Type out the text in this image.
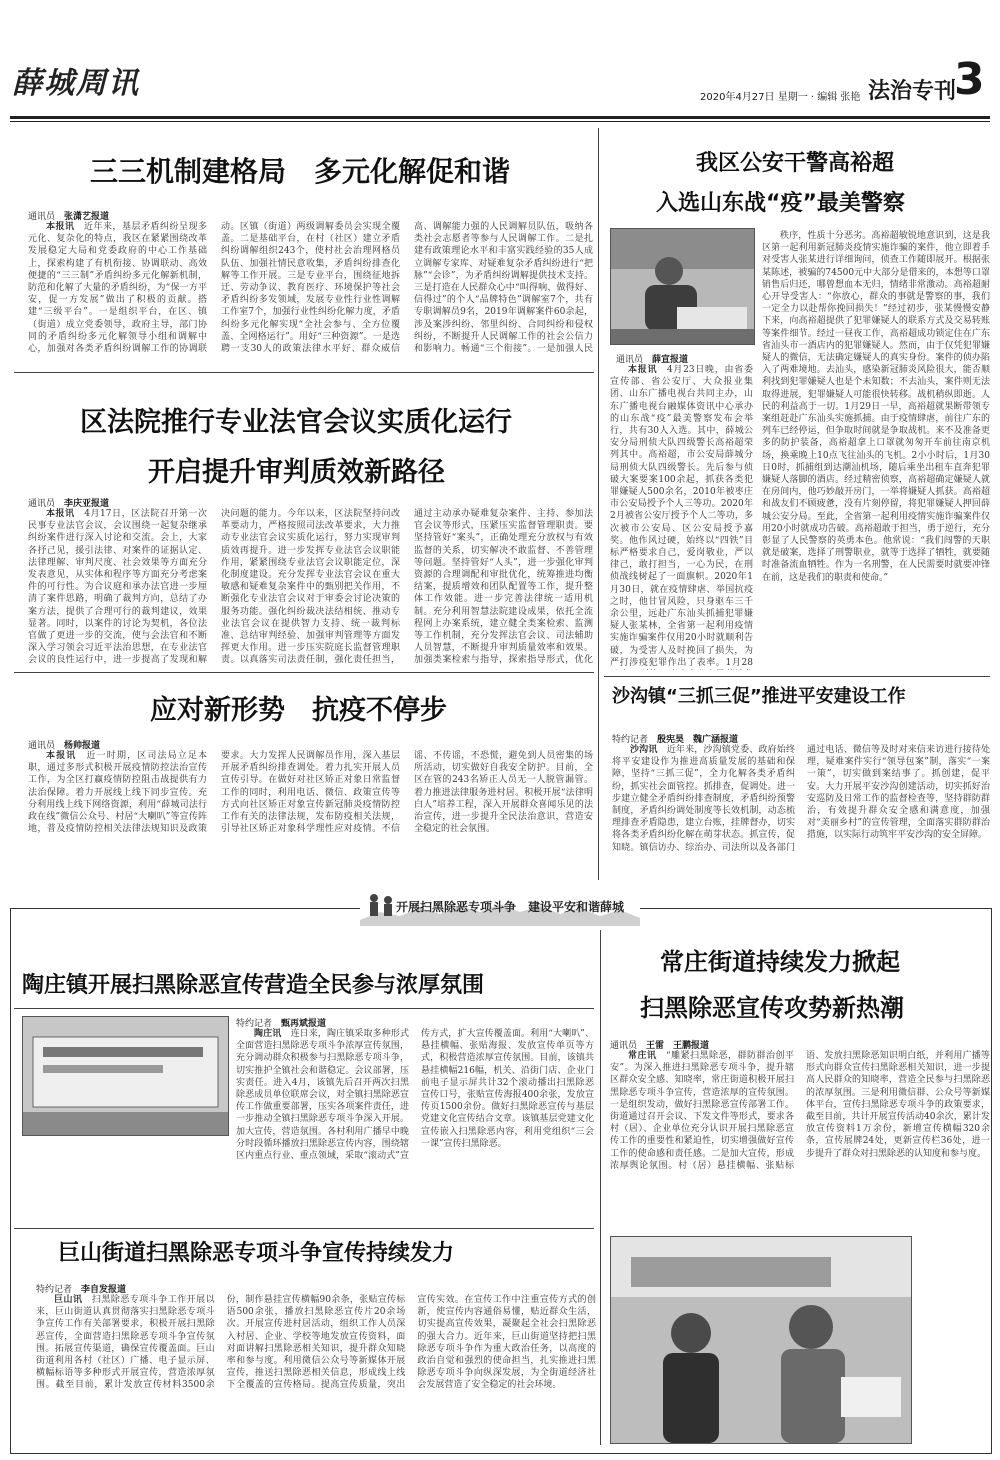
薛城周讯	2020年4月27日 星期一 · 编辑 张艳 法治专刊
3
三三机制建格局　多元化解促和谐
通讯员　 张潇艺报道

本报讯　 近年来，基层矛盾纠纷呈现多元化、复杂化的特点，我区在紧紧围绕改革发展稳定大局和党委政府的中心工作基础上，探索构建了有机衔接、协调联动、高效便捷的“三三制”矛盾纠纷多元化解新机制，防范和化解了大量的矛盾纠纷，为“保一方平安，促一方发展”做出了积极的贡献。搭建“三级平台”。一是组织平台，在区、镇（街道）成立党委领导，政府主导，部门协同的矛盾纠纷多元化解领导小组和调解中心，加强对各类矛盾纠纷调解工作的协调联动。区镇（街道）两级调解委员会实现全覆盖。二是基础平台，在村（社区）建立矛盾纠纷调解组织243个，使村社会治理网格员队伍、加强社情民意收集，矛盾纠纷排查化解等工作开展。三是专业平台，围绕征地拆迁、劳动争议、教育医疗、环境保护等社会矛盾纠纷多发领域，发展专业性行业性调解工作室7个，加强行业性纠纷化解力度，矛盾纠纷多元化解实现“全社会参与、全方位覆盖、全网格运行”。用好“三种资源”。一是选聘一支30人的政策法律水平好、群众威信高、调解能力强的人民调解员队伍，吸纳各类社会志愿者等参与人民调解工作。二是扎建有政策理论水平和丰富实践经验的35人成立调解专家库、对疑难复杂矛盾纠纷进行“把脉”“会诊”，为矛盾纠纷调解提供技术支持。三是打造在人民群众心中“叫得响、做得好、信得过”的个人“品牌特色”调解室7个，共有专职调解员9名，2019年调解案件60余起，涉及案涉纠纷、邻里纠纷、合同纠纷和侵权纠纷，不断提升人民调解工作的社会公信力和影响力。畅通“三个衔接”。一是加强人民

区法院推行专业法官会议实质化运行
开启提升审判质效新路径
通讯员　 李庆亚报道

本报讯　 4月17日，区法院召开第一次民事专业法官会议，会议围绕一起复杂继承纠纷案件进行深入讨论和交流。会上，大家各抒己见，援引法律、对案件的证据认定、法律理解、审判尺度、社会效果等方面充分发表意见，从实体和程序等方面充分考虑案件的可行性。为合议庭和承办法官进一步厘清了案件思路，明确了裁判方向，总结了办案方法，提供了合理可行的裁判建议，效果显著。同时，以案件的讨论为契机，各位法官做了更进一步的交流，使与会法官和不断深入学习领会习近平法治思想，在专业法官会议的良性运行中，进一步提高了发现和解决问题的能力。今年以来，区法院坚持问改革要动力，严格按照司法改革要求，大力推动专业法官会议实质化运行，努力实现审判质效再提升。进一步发挥专业法官会议职能作用，紧紧围绕专业法官会议职能定位，深化制度建设。充分发挥专业法官会议在重大敏感和疑难复杂案件中的甄别把关作用，不断强化专业法官会议对于审委会讨论决策的服务功能。强化纠纷裁决法结相统、推动专业法官会议在提供智力支持、统一裁判标准、总结审判经验、加强审判管理等方面发挥更大作用。进一步压实院庭长监督管理职责。以真落实司法责任制，强化责任担当，通过主动承办疑难复杂案件、主持、参加法官会议等形式，压紧压实监督管理职责。要坚持管好“案头”，正确处理充分放权与有效监督的关系，切实解决不敢监督、不善管理等问题。坚持管好“人头”，进一步强化审判资源的合理调配和审批优化，统筹推进均衡结案，提质增效和团队配置等工作，提升整体工作效能。进一步完善法律统一适用机制。充分利用智慧法院建设成果，依托全流程网上办案系统，建立健全类案检索、监测等工作机制，充分发挥法官会议、司法辅助人员智慧，不断提升审判质量效率和效果。加强类案检索与指导，探索指导形式，优化

应对新形势　抗疫不停步
通讯员　 杨帅报道

本报讯　 近一时期，区司法局立足本职，通过多形式积极开展疫情防控法治宣传工作，为全区打赢疫情防控阻击战提供有力法治保障。着力开展线上线下同步宣传。充分利用线上线下网络资源，利用“薛城司法行政在线”微信公众号、村居“大喇叭”等宣传阵地，普及疫情防控相关法律法规知识及政策要求。大力发挥人民调解员作用，深入基层开展矛盾纠纷排查调处。着力扎实开展人员宣传引导。在做好对社区矫正对象日常监督工作的同时，利用电话、微信、政策宣传等方式向社区矫正对象宣传新冠肺炎疫情防控工作有关的法律法规，发布防疫相关法规，引导社区矫正对象科学理性应对疫情。不信谣、不传谣，不恐慌，避免到人员密集的场所活动，切实做好自我安全防护。目前，全区在管的243名矫正人员无一人脱管漏管。着力推进法律服务进村居。积极开展“法律明白人”培养工程，深入开展群众喜闻乐见的法治宣传，进一步提升全民法治意识，营造安全稳定的社会氛围。

我区公安干警高裕超
入选山东战“疫”最美警察
通讯员　 薛宣报道

本报讯　 4月23日晚，由省委宣传部、省公安厅、大众报业集团、山东广播电视台共同主办，山东广播电视台融媒体资讯中心承办的山东战“疫”最美警察发布会举行，共有30人入选。其中，薛城公安分局刑侦大队四级警长高裕超荣列其中。高裕超，市公安局薛城分局刑侦大队四级警长。先后参与侦破大案要案100余起，抓获各类犯罪嫌疑人500余名，2010年被枣庄市公安局授予个人三等功。2020年2月被省公安厅授予个人二等功，多次被市公安局、区公安局授予嘉奖。他作风过硬，始终以“四铁”目标严格要求自己，爱岗敬业，严以律己，敢打担当，一心为民，在刑侦战线树起了一面旗帜。2020年1月30日，就在疫情肆虐、举国抗疫之时，他甘冒风险，只身驱车三千余公里，远赴广东汕头抓捕犯罪嫌疑人张某林，全省第一起利用疫情实施诈骗案件仅用20小时就顺利告破，为受害人及时挽回了损失，为严打涉疫犯罪作出了表率。1月28

秩序，性质十分恶劣。高裕超敏锐地意识到，这是我区第一起利用新冠肺炎疫情实施诈骗的案件，他立即着手对受害人张某进行详细询问，侦查工作随即展开。根据张某陈述，被骗的74500元中大部分是借来的，本想等口罩销售后归还，哪曾想血本无归，情绪非常激动。高裕超耐心开导受害人：“你放心，群众的事就是警察的事，我们一定全力以赴帮你挽回损失！”经过初步，张某慢慢安静下来，向高裕超提供了犯罪嫌疑人的联系方式及交易转账等案件细节。经过一昼夜工作，高裕超成功锁定住在广东省汕头市一酒店内的犯罪嫌疑人。然而，由于仅凭犯罪嫌疑人的微信，无法确定嫌疑人的真实身份。案件的侦办陷入了两难境地。去汕头，感染新冠肺炎风险很大，能否顺利找到犯罪嫌疑人也是个未知数；不去汕头，案件则无法取得进展，犯罪嫌疑人可能很快转移。战机稍纵即逝。人民的利益高于一切。1月29日一早，高裕超就果断带领专案组赶赴广东汕头实施抓捕。由于疫情肆虐，前往广东的列车已经停运，但争取时间就是争取战机。来不及准备更多的防护装备，高裕超拿上口罩就匆匆开车前往南京机场，换乘晚上10点飞往汕头的飞机。2小小时后，1月30日0时，抓捕组到达潮汕机场，随后乘坐出租车直奔犯罪嫌疑人落脚的酒店。经过精密侦察，高裕超确定嫌疑人就在房间内，他巧妙敲开房门，一举将嫌疑人抓获。高裕超和战友们不顾疲惫，没有片刻停留，将犯罪嫌疑人押回薛城公安分局。至此，全省第一起利用疫情实施诈骗案件仅用20小时就成功告破。高裕超敢于担当，勇于逆行，充分彰显了人民警察的英勇本色。他常说：“我们闯警的天职就是破案，选择了刑警职业，就等于选择了牺牲，就要随时准备流血牺牲。作为一名刑警，在人民需要时就要冲锋在前，这是我们的职责和使命。”

沙沟镇“三抓三促”推进平安建设工作
特约记者　 殷宪昊　魏广涵报道

沙沟讯　 近年来，沙沟镇党委、政府始终将平安建设作为推进高质量发展的基础和保障，坚持“三抓三促”，全力化解各类矛盾纠纷，抓实社会面管控。抓排查，促调处。进一步建立健全矛盾纠纷排查制度，矛盾纠纷预警制度，矛盾纠纷调处制度等长效机制，动态梳理排查矛盾隐患，建立台账，挂牌督办，切实将各类矛盾纠纷化解在萌芽状态。抓宣传，促知晓。镇信访办、综治办、司法所以及各部门通过电话、微信等及时对来信来访进行接待处理，疑难案件实行“领导包案”制，落实“一案一策”，切实做到案结事了。抓创建，促平安。大力开展平安沙沟创建活动，切实抓好治安巡防及日常工作的监督检查等，坚持群防群治，有效提升群众安全感和满意度，加强对“美丽乡村”的宣传管理，全面落实群防群治措施，以实际行动筑牢平安沙沟的安全屏障。

开展扫黑除恶专项斗争　建设平安和谐薛城
常庄街道持续发力掀起
扫黑除恶宣传攻势新热潮
陶庄镇开展扫黑除恶宣传营造全民参与浓厚氛围
特约记者　 甄再斌报道

陶庄讯　 连日来，陶庄镇采取多种形式全面营造扫黑除恶专项斗争浓厚宣传氛围，充分调动群众积极参与扫黑除恶专项斗争，切实推护全镇社会和谐稳定。会议部署，压实责任。进入4月，该镇先后召开两次扫黑除恶成员单位联席会议，对全镇扫黑除恶宣传工作做重要部署，压实各项案件责任，进一步推动全镇扫黑除恶专项斗争深入开展。加大宣传，营造氛围。各村利用广播早中晚分时段循环播放扫黑除恶宣传内容，围绕辖区内重点行业、重点领域，采取“滚动式”宣传方式，扩大宣传覆盖面。利用“大喇叭”、悬挂横幅、张贴海报、发放宣传单页等方式，积极营造浓厚宣传氛围。目前，该镇共悬挂横幅216幅，机关、沿街门店、企业门前电子显示屏共计32个滚动播出扫黑除恶宣传口号，张贴宣传海报400余张，发放宣传页1500余份。做好扫黑除恶宣传与基层党建文化宣传结合文章。该镇基层党建文化宣传嵌入扫黑除恶内容，利用党组织“三会一课”宣传扫黑除恶。

巨山街道扫黑除恶专项斗争宣传持续发力
特约记者　 李自发报道

巨山讯　 扫黑除恶专项斗争工作开展以来，巨山街道认真贯彻落实扫黑除恶专项斗争宣传工作有关部署要求，积极开展扫黑除恶宣传，全面营造扫黑除恶专项斗争宣传氛围。拓展宣传渠道，确保宣传覆盖面。巨山街道利用各村（社区）广播、电子显示屏、横幅标语等多种形式开展宣传，营造浓厚氛围。截至目前，累计发放宣传材料3500余份，制作悬挂宣传横幅90余条，张贴宣传标语500余张，播放扫黑除恶宣传片20余场次。开展宣传进村居活动，组织工作人员深入村居、企业、学校等地发放宣传资料，面对面讲解扫黑除恶相关知识，提升群众知晓率和参与度。利用微信公众号等新媒体开展宣传，推送扫黑除恶相关信息，形成线上线下全覆盖的宣传格局。提高宣传质量，突出宣传实效。在宣传工作中注重宣传方式的创新，使宣传内容通俗易懂，贴近群众生活，切实提高宣传效果，凝聚起全社会扫黑除恶的强大合力。近年来，巨山街道坚持把扫黑除恶专项斗争作为重大政治任务，以高度的政治自觉和强烈的使命担当，扎实推进扫黑除恶专项斗争向纵深发展，为全街道经济社会发展营造了安全稳定的社会环境。

通讯员　 王雷　王鹏报道

常庄讯　 “雕紧扫黑除恶，群防群治创平安”。为深入推进扫黑除恶专项斗争，提升辖区群众安全感、知晓率，常庄街道积极开展扫黑除恶专项斗争宣传，营造浓厚的宣传氛围。一是组织发动，做好扫黑除恶宣传部署工作。街道通过召开会议、下发文件等形式，要求各村（居）、企业单位充分认识开展扫黑除恶宣传工作的重要性和紧迫性，切实增强做好宣传工作的使命感和责任感。二是加大宣传，形成浓厚舆论氛围。村（居）悬挂横幅、张贴标语、发放扫黑除恶知识明白纸，并利用广播等形式向群众宣传扫黑除恶相关知识，进一步提高人民群众的知晓率，营造全民参与扫黑除恶的浓厚氛围。三是利用微信群、公众号等新媒体平台，宣传扫黑除恶专项斗争的政策要求，截至目前，共计开展宣传活动40余次，累计发放宣传资料1万余份，新增宣传横幅320余条，宣传展牌24处，更新宣传栏36处，进一步提升了群众对扫黑除恶的认知度和参与度。
